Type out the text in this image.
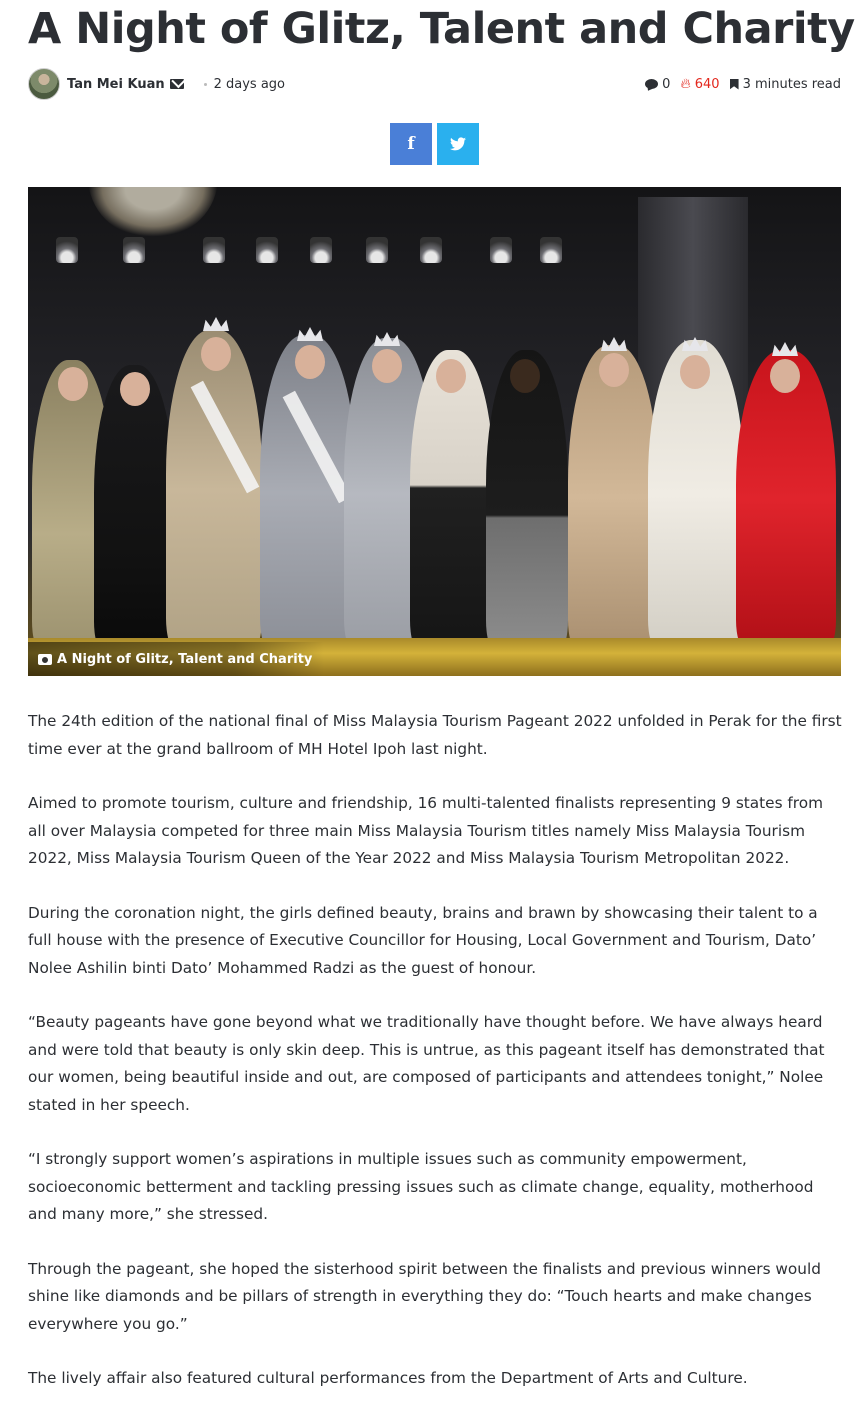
A Night of Glitz, Talent and Charity
Tan Mei Kuan	2 days ago	0 🔥︎ 640 3 minutes read
f
A Night of Glitz, Talent and Charity

The 24th edition of the national final of Miss Malaysia Tourism Pageant 2022 unfolded in Perak for the first time ever at the grand ballroom of MH Hotel Ipoh last night.

Aimed to promote tourism, culture and friendship, 16 multi-talented finalists representing 9 states from all over Malaysia competed for three main Miss Malaysia Tourism titles namely Miss Malaysia Tourism 2022, Miss Malaysia Tourism Queen of the Year 2022 and Miss Malaysia Tourism Metropolitan 2022.

During the coronation night, the girls defined beauty, brains and brawn by showcasing their talent to a full house with the presence of Executive Councillor for Housing, Local Government and Tourism, Dato’ Nolee Ashilin binti Dato’ Mohammed Radzi as the guest of honour.

“Beauty pageants have gone beyond what we traditionally have thought before. We have always heard and were told that beauty is only skin deep. This is untrue, as this pageant itself has demonstrated that our women, being beautiful inside and out, are composed of participants and attendees tonight,” Nolee stated in her speech.

“I strongly support women’s aspirations in multiple issues such as community empowerment, socioeconomic betterment and tackling pressing issues such as climate change, equality, motherhood and many more,” she stressed.

Through the pageant, she hoped the sisterhood spirit between the finalists and previous winners would shine like diamonds and be pillars of strength in everything they do: “Touch hearts and make changes everywhere you go.”

The lively affair also featured cultural performances from the Department of Arts and Culture.
